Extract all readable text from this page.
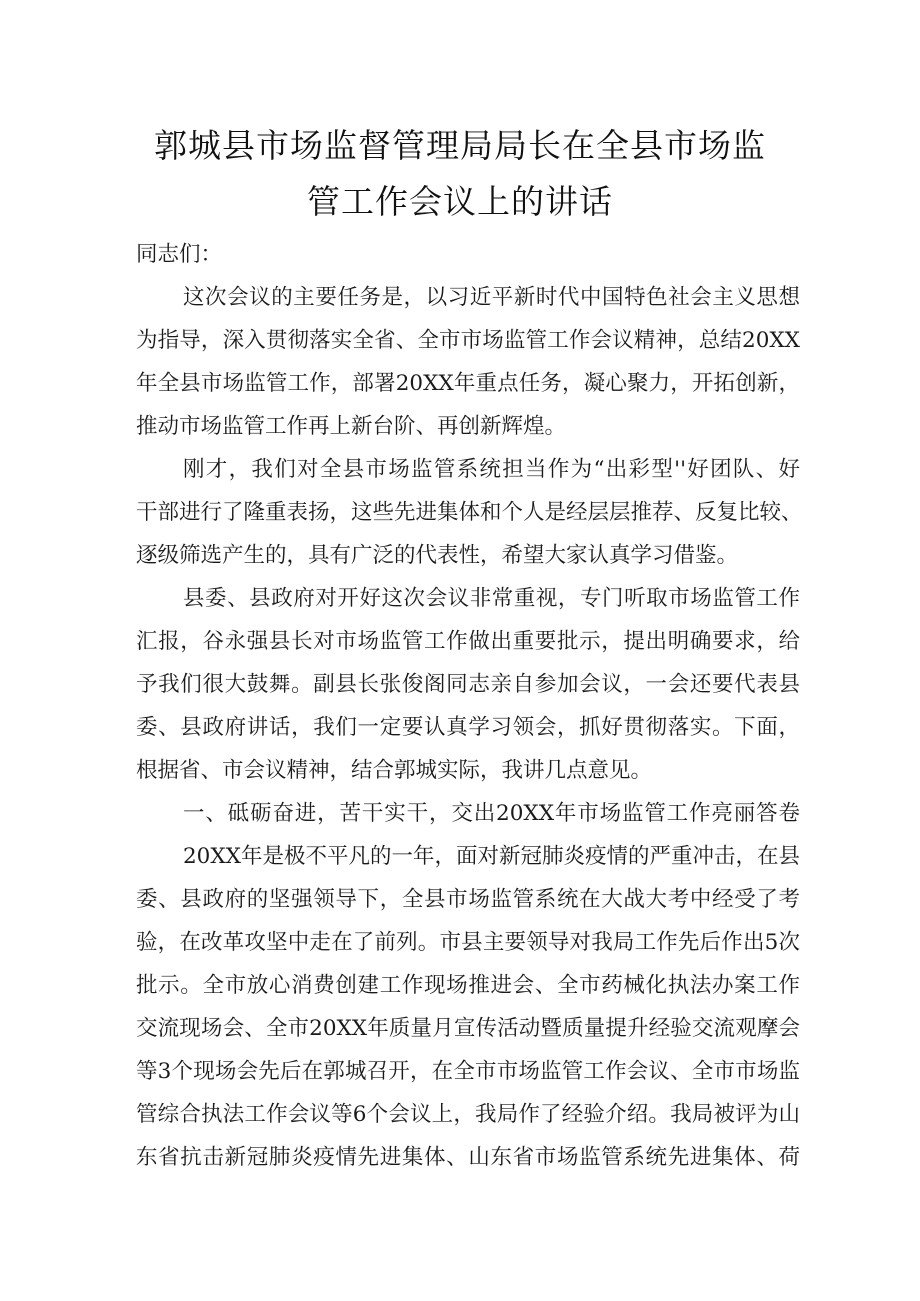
郭城县市场监督管理局局长在全县市场监
管工作会议上的讲话
同志们：
这次会议的主要任务是，以习近平新时代中国特色社会主义思想
为指导，深入贯彻落实全省、全市市场监管工作会议精神，总结20XX
年全县市场监管工作，部署20XX年重点任务，凝心聚力，开拓创新，
推动市场监管工作再上新台阶、再创新辉煌。
刚才，我们对全县市场监管系统担当作为“出彩型''好团队、好
干部进行了隆重表扬，这些先进集体和个人是经层层推荐、反复比较、
逐级筛选产生的，具有广泛的代表性，希望大家认真学习借鉴。
县委、县政府对开好这次会议非常重视，专门听取市场监管工作
汇报，谷永强县长对市场监管工作做出重要批示，提出明确要求，给
予我们很大鼓舞。副县长张俊阁同志亲自参加会议，一会还要代表县
委、县政府讲话，我们一定要认真学习领会，抓好贯彻落实。下面，
根据省、市会议精神，结合郭城实际，我讲几点意见。
一、砥砺奋进，苦干实干，交出20XX年市场监管工作亮丽答卷
20XX年是极不平凡的一年，面对新冠肺炎疫情的严重冲击，在县
委、县政府的坚强领导下，全县市场监管系统在大战大考中经受了考
验，在改革攻坚中走在了前列。市县主要领导对我局工作先后作出5次
批示。全市放心消费创建工作现场推进会、全市药械化执法办案工作
交流现场会、全市20XX年质量月宣传活动暨质量提升经验交流观摩会
等3个现场会先后在郭城召开，在全市市场监管工作会议、全市市场监
管综合执法工作会议等6个会议上，我局作了经验介绍。我局被评为山
东省抗击新冠肺炎疫情先进集体、山东省市场监管系统先进集体、荷
